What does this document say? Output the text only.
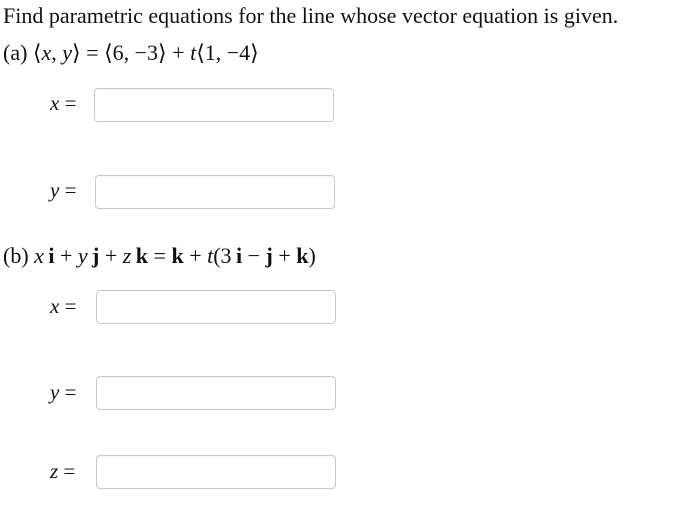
Find parametric equations for the line whose vector equation is given.
(a) ⟨x, y⟩ = ⟨6, −3⟩ + t⟨1, −4⟩
x =
y =
(b) x  i + y  j + z  k = k + t(3  i − j + k)
x =
y =
z =
